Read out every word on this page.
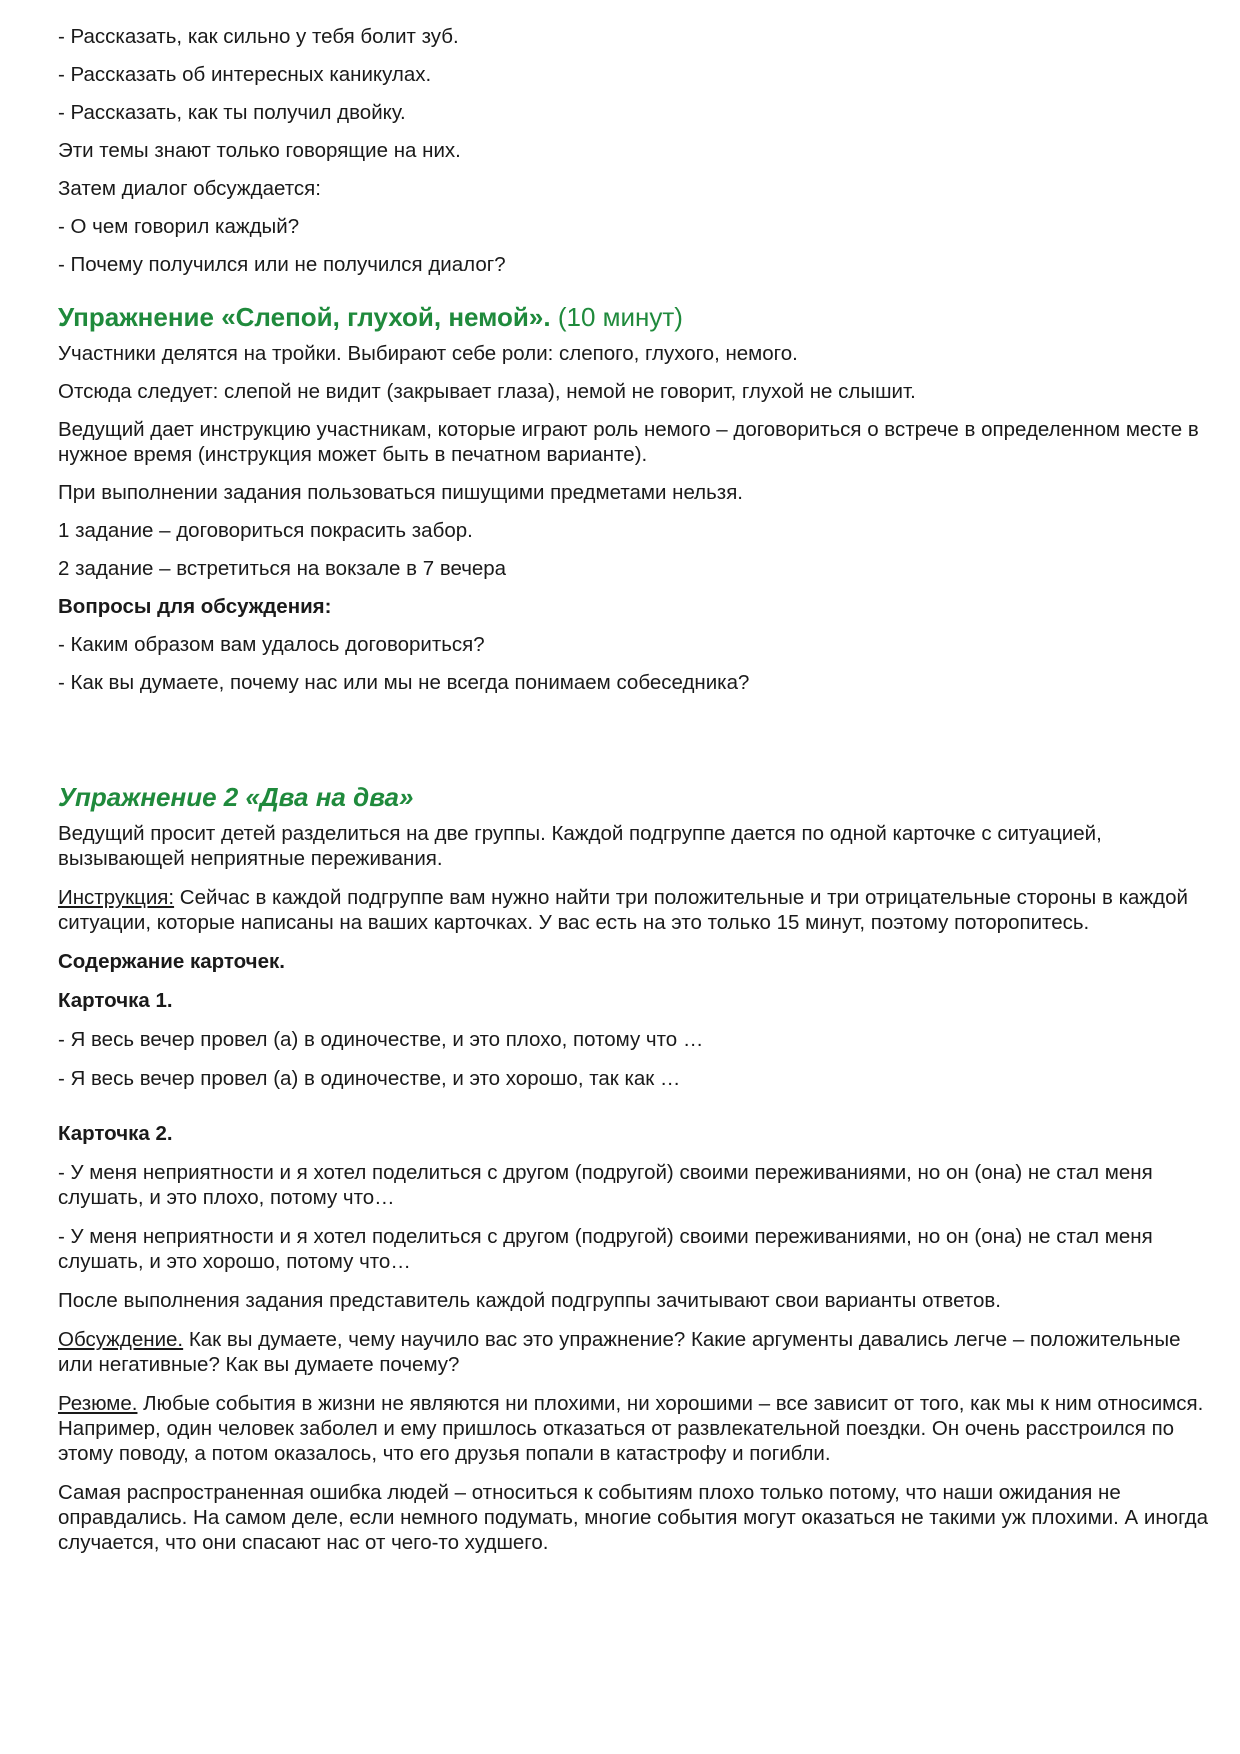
- Рассказать, как сильно у тебя болит зуб.

- Рассказать об интересных каникулах.

- Рассказать, как ты получил двойку.

Эти темы знают только говорящие на них.

Затем диалог обсуждается:

- О чем говорил каждый?

- Почему получился или не получился диалог?

Упражнение «Слепой, глухой, немой». (10 минут)

Участники делятся на тройки. Выбирают себе роли: слепого, глухого, немого.

Отсюда следует: слепой не видит (закрывает глаза), немой не говорит, глухой не слышит.

Ведущий дает инструкцию участникам, которые играют роль немого – договориться о встрече в определенном месте в нужное время (инструкция может быть в печатном варианте).

При выполнении задания пользоваться пишущими предметами нельзя.

1 задание – договориться покрасить забор.

2 задание – встретиться на вокзале в 7 вечера

Вопросы для обсуждения:

- Каким образом вам удалось договориться?

- Как вы думаете, почему нас или мы не всегда понимаем собеседника?

Упражнение 2 «Два на два»

Ведущий просит детей разделиться на две группы. Каждой подгруппе дается по одной карточке с ситуацией, вызывающей неприятные переживания.

Инструкция: Сейчас в каждой подгруппе вам нужно найти три положительные и три отрицательные стороны в каждой ситуации, которые написаны на ваших карточках. У вас есть на это только 15 минут, поэтому поторопитесь.

Содержание карточек.

Карточка 1.

- Я весь вечер провел (а) в одиночестве, и это плохо, потому что …

- Я весь вечер провел (а) в одиночестве, и это хорошо, так как …

Карточка 2.

- У меня неприятности и я хотел поделиться с другом (подругой) своими переживаниями, но он (она) не стал меня слушать, и это плохо, потому что…

- У меня неприятности и я хотел поделиться с другом (подругой) своими переживаниями, но он (она) не стал меня слушать, и это хорошо, потому что…

После выполнения задания представитель каждой подгруппы зачитывают свои варианты ответов.

Обсуждение. Как вы думаете, чему научило вас это упражнение? Какие аргументы давались легче – положительные или негативные? Как вы думаете почему?

Резюме. Любые события в жизни не являются ни плохими, ни хорошими – все зависит от того, как мы к ним относимся. Например, один человек заболел и ему пришлось отказаться от развлекательной поездки. Он очень расстроился по этому поводу, а потом оказалось, что его друзья попали в катастрофу и погибли.

Самая распространенная ошибка людей – относиться к событиям плохо только потому, что наши ожидания не оправдались. На самом деле, если немного подумать, многие события могут оказаться не такими уж плохими. А иногда случается, что они спасают нас от чего-то худшего.
